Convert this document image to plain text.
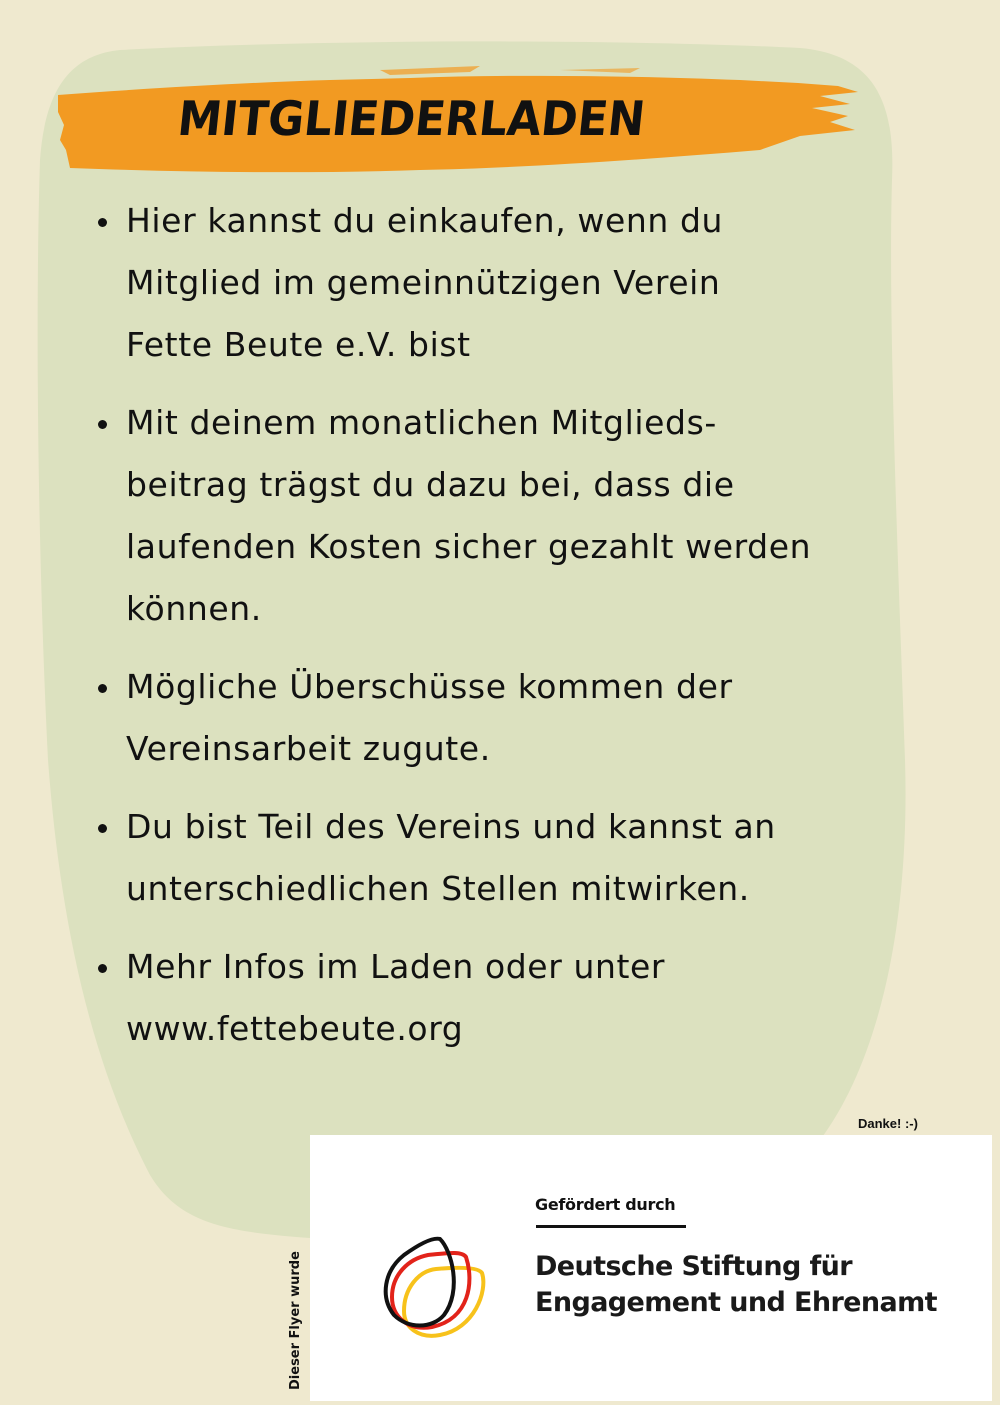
MITGLIEDERLADEN
Hier kannst du einkaufen, wenn du
Mitglied im gemeinnützigen Verein
Fette Beute e.V. bist
Mit deinem monatlichen Mitglieds-
beitrag trägst du dazu bei, dass die
laufenden Kosten sicher gezahlt werden
können.
Mögliche Überschüsse kommen der
Vereinsarbeit zugute.
Du bist Teil des Vereins und kannst an
unterschiedlichen Stellen mitwirken.
Mehr Infos im Laden oder unter
www.fettebeute.org
Danke! :-)
Dieser Flyer wurde
Gefördert durch
Deutsche Stiftung für
Engagement und Ehrenamt
